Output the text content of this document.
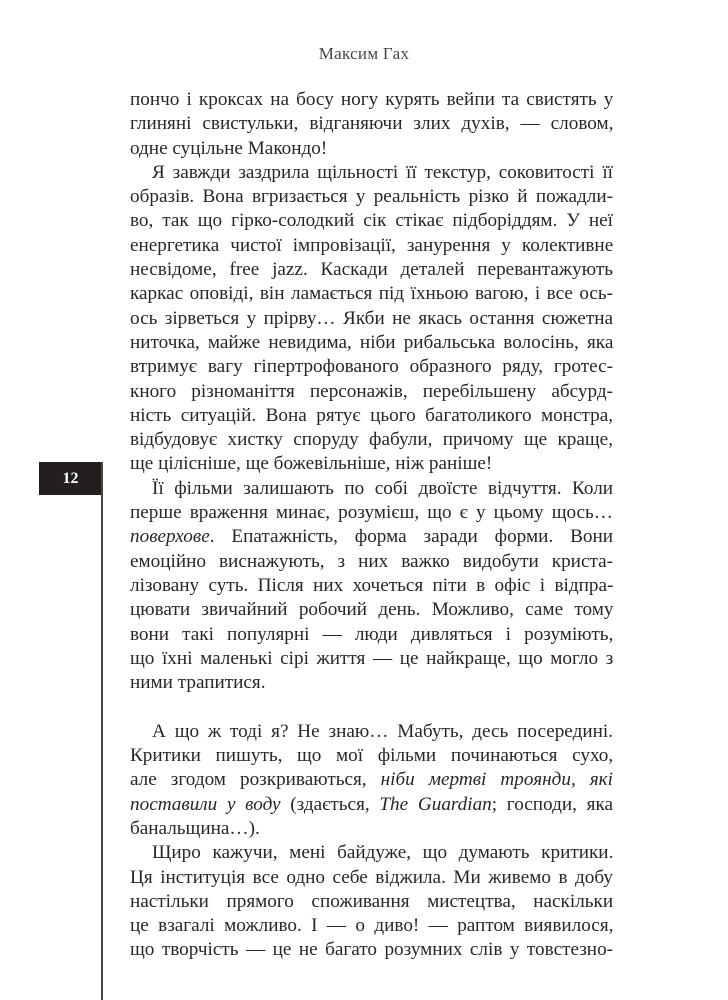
Максим Гах
12
пончо і кроксах на босу ногу курять вейпи та свистять у
глиняні свистульки, відганяючи злих духів, — словом,
одне суцільне Макондо!
Я завжди заздрила щільності її текстур, соковитості її
образів. Вона вгризається у реальність різко й пожадли-
во, так що гірко-солодкий сік стікає підборіддям. У неї
енергетика чистої імпровізації, занурення у колективне
несвідоме, free jazz. Каскади деталей перевантажують
каркас оповіді, він ламається під їхньою вагою, і все ось-
ось зірветься у прірву… Якби не якась остання сюжетна
ниточка, майже невидима, ніби рибальська волосінь, яка
втримує вагу гіпертрофованого образного ряду, гротес-
кного різноманіття персонажів, перебільшену абсурд-
ність ситуацій. Вона рятує цього багатоликого монстра,
відбудовує хистку споруду фабули, причому ще краще,
ще цілісніше, ще божевільніше, ніж раніше!
Її фільми залишають по собі двоїсте відчуття. Коли
перше враження минає, розумієш, що є у цьому щось…
поверхове. Епатажність, форма заради форми. Вони
емоційно виснажують, з них важко видобути криста-
лізовану суть. Після них хочеться піти в офіс і відпра-
цювати звичайний робочий день. Можливо, саме тому
вони такі популярні — люди дивляться і розуміють,
що їхні маленькі сірі життя — це найкраще, що могло з
ними трапитися.
А що ж тоді я? Не знаю… Мабуть, десь посередині.
Критики пишуть, що мої фільми починаються сухо,
але згодом розкриваються, ніби мертві троянди, які
поставили у воду (здається, The Guardian; господи, яка
банальщина…).
Щиро кажучи, мені байдуже, що думають критики.
Ця інституція все одно себе віджила. Ми живемо в добу
настільки прямого споживання мистецтва, наскільки
це взагалі можливо. І — о диво! — раптом виявилося,
що творчість — це не багато розумних слів у товстезно-
